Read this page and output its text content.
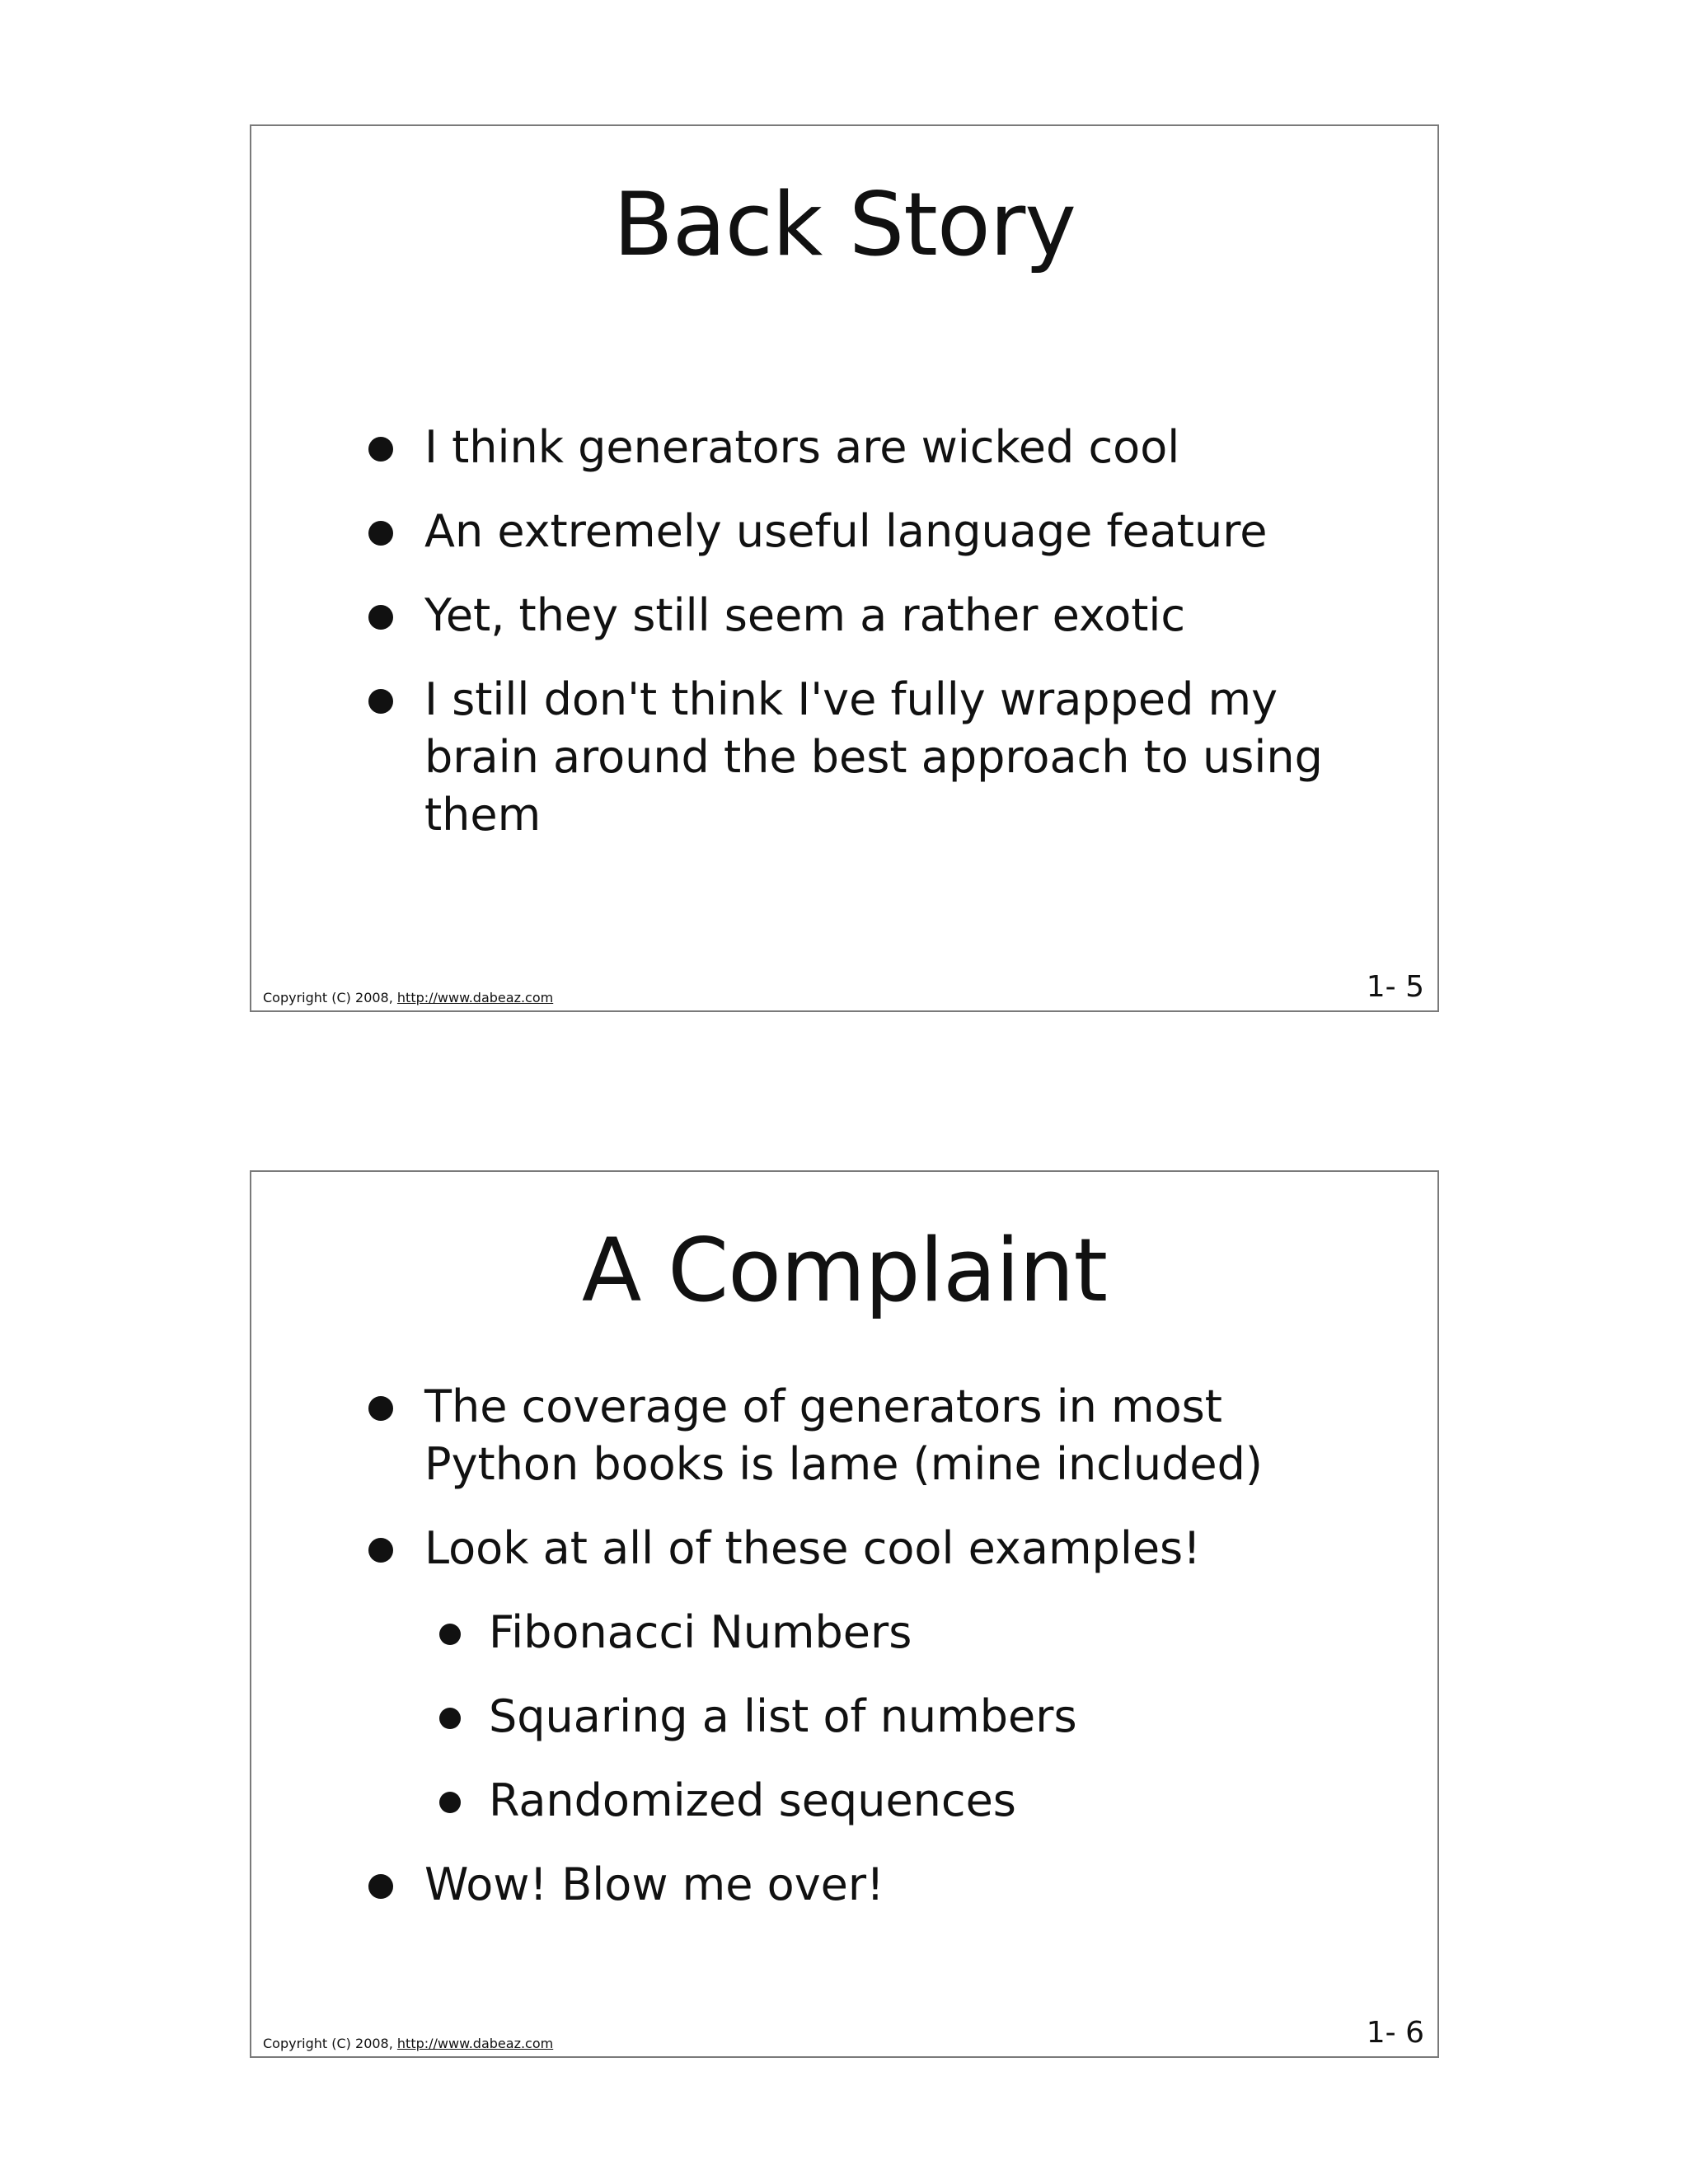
Back Story
I think generators are wicked cool
An extremely useful language feature
Yet, they still seem a rather exotic
I still don't think I've fully wrapped my brain around the best approach to using them
Copyright (C) 2008, http://www.dabeaz.com	1- 5
A Complaint
The coverage of generators in most Python books is lame (mine included)
Look at all of these cool examples!
Fibonacci Numbers
Squaring a list of numbers
Randomized sequences
Wow! Blow me over!
Copyright (C) 2008, http://www.dabeaz.com	1- 6
